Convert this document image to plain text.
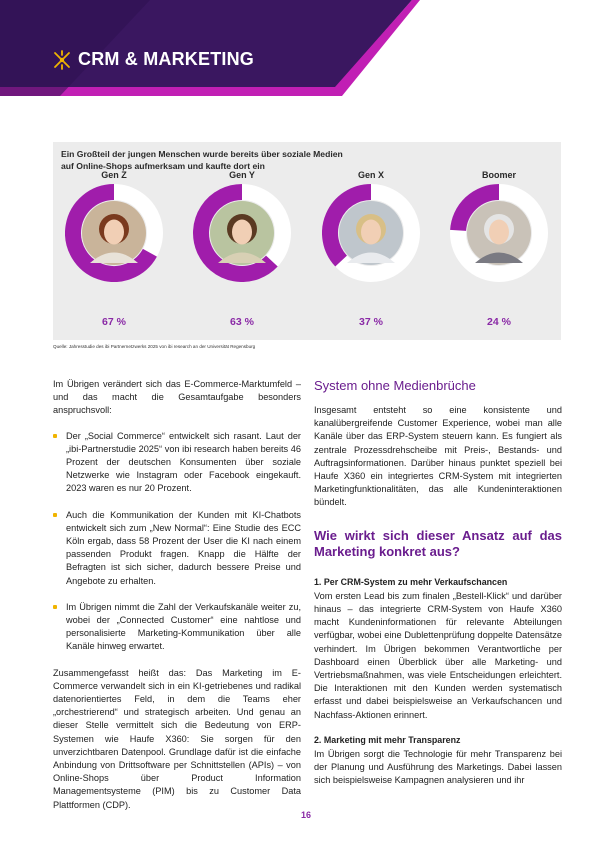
CRM & MARKETING
Ein Großteil der jungen Menschen wurde bereits über soziale Medien
auf Online-Shops aufmerksam und kaufte dort ein
Gen Z
67 %
Gen Y
63 %
Gen X
37 %
Boomer
24 %
Quelle: Jahresstudie des ibi Partnernetzwerks 2025 von ibi research an der Universität Regensburg

Im Übrigen verändert sich das E-Commerce-Marktumfeld – und das macht die Gesamtaufgabe besonders anspruchsvoll:

Der „Social Commerce“ entwickelt sich rasant. Laut der „ibi-Partnerstudie 2025“ von ibi research haben bereits 46 Prozent der deutschen Konsumenten über soziale Netzwerke wie Instagram oder Facebook eingekauft. 2023 waren es nur 20 Prozent.
Auch die Kommunikation der Kunden mit KI-Chatbots entwickelt sich zum „New Normal“: Eine Studie des ECC Köln ergab, dass 58 Prozent der User die KI nach einem passenden Produkt fragen. Knapp die Hälfte der Befragten ist sich sicher, dadurch bessere Preise und Angebote zu erhalten.
Im Übrigen nimmt die Zahl der Verkaufskanäle weiter zu, wobei der „Connected Customer“ eine nahtlose und personalisierte Marketing-Kommunikation über alle Kanäle hinweg erwartet.

Zusammengefasst heißt das: Das Marketing im E-Commerce verwandelt sich in ein KI-getriebenes und radikal datenorientiertes Feld, in dem die Teams eher „orchestrierend“ und strategisch arbeiten. Und genau an dieser Stelle vermittelt sich die Bedeutung von ERP-Systemen wie Haufe X360: Sie sorgen für den unverzichtbaren Datenpool. Grundlage dafür ist die einfache Anbindung von Drittsoftware per Schnittstellen (APIs) – von Online-Shops über Product Information Managementsysteme (PIM) bis zu Customer Data Plattformen (CDP).

System ohne Medienbrüche

Insgesamt entsteht so eine konsistente und kanalübergreifende Customer Experience, wobei man alle Kanäle über das ERP-System steuern kann. Es fungiert als zentrale Prozessdrehscheibe mit Preis-, Bestands- und Auftragsinformationen. Darüber hinaus punktet speziell bei Haufe X360 ein integriertes CRM-System mit integrierten Marketingfunktionalitäten, das alle Kundeninteraktionen bündelt.

Wie wirkt sich dieser Ansatz auf das Marketing konkret aus?
1. Per CRM-System zu mehr Verkaufschancen

Vom ersten Lead bis zum finalen „Bestell-Klick“ und darüber hinaus – das integrierte CRM-System von Haufe X360 macht Kundeninformationen für relevante Abteilungen verfügbar, wobei eine Dublettenprüfung doppelte Datensätze verhindert. Im Übrigen bekommen Verantwortliche per Dashboard einen Überblick über alle Marketing- und Vertriebsmaßnahmen, was viele Entscheidungen erleichtert. Die Interaktionen mit den Kunden werden systematisch erfasst und dabei beispielsweise an Verkaufschancen und Nachfass-Aktionen erinnert.

2. Marketing mit mehr Transparenz

Im Übrigen sorgt die Technologie für mehr Transparenz bei der Planung und Ausführung des Marketings. Dabei lassen sich beispielsweise Kampagnen analysieren und ihr

16
